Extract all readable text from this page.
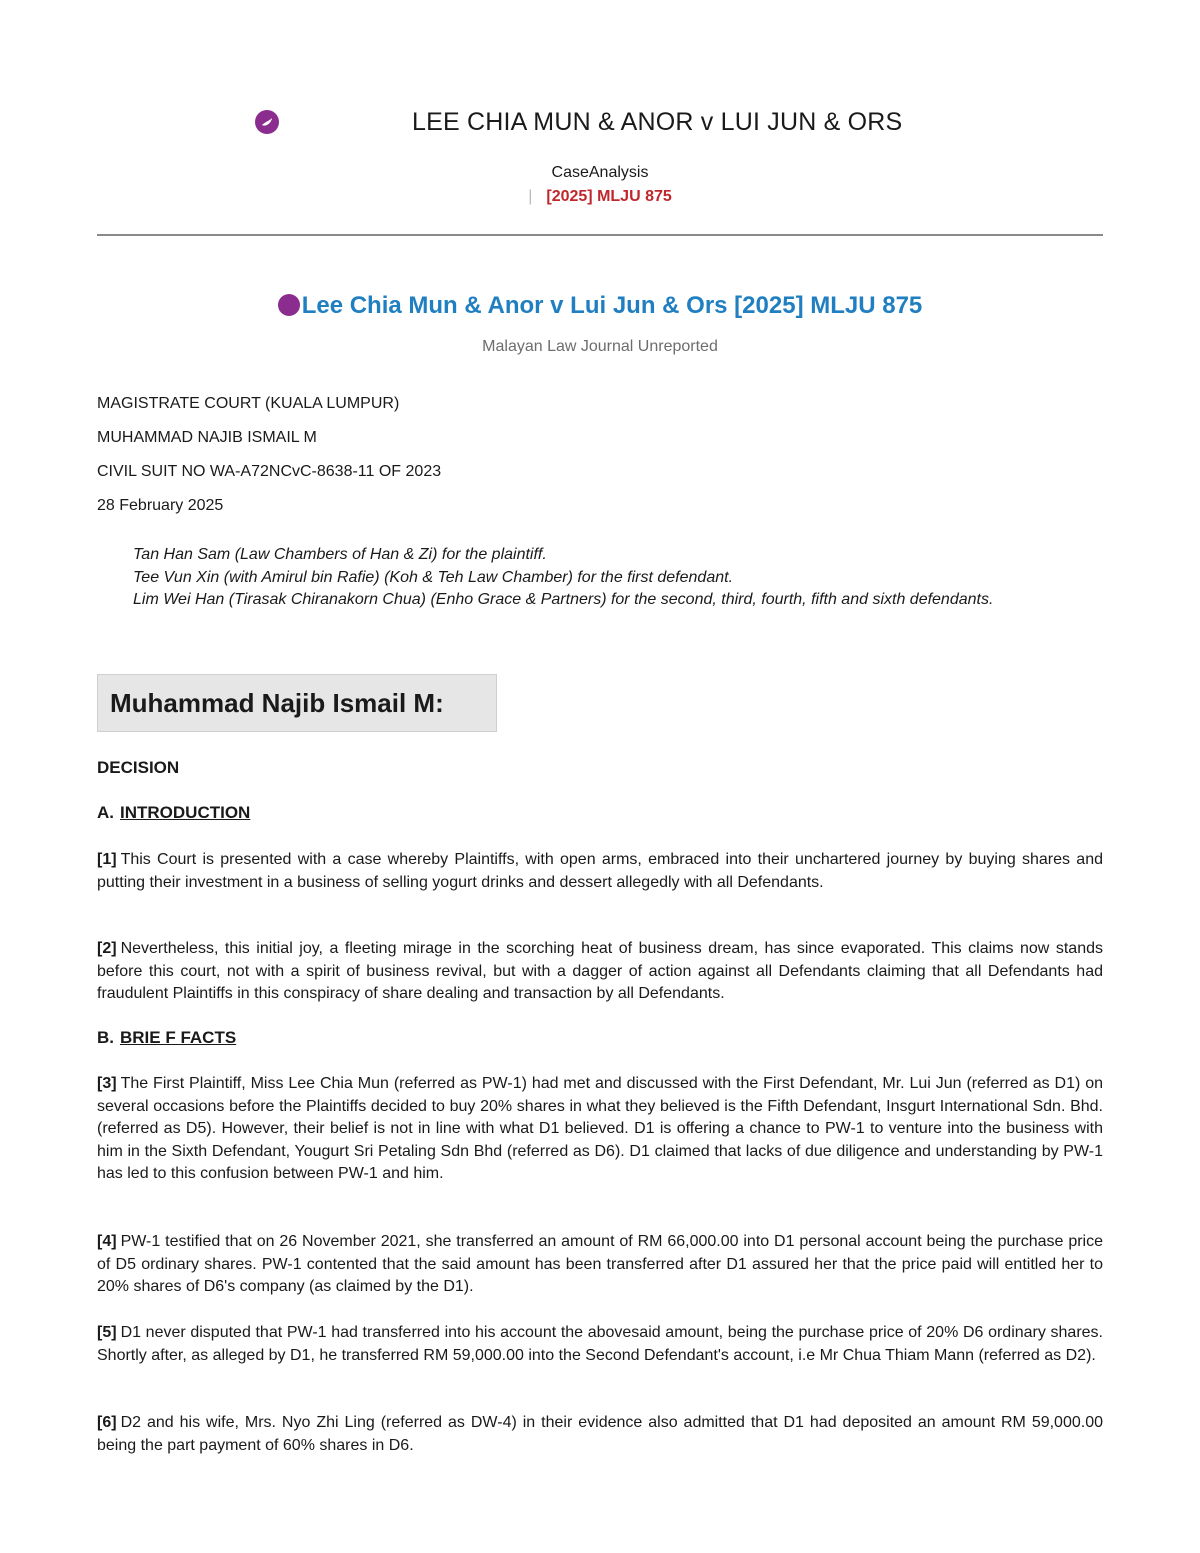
LEE CHIA MUN & ANOR v LUI JUN & ORS
CaseAnalysis
| [2025] MLJU 875
Lee Chia Mun & Anor v Lui Jun & Ors [2025] MLJU 875
Malayan Law Journal Unreported
MAGISTRATE COURT (KUALA LUMPUR)
MUHAMMAD NAJIB ISMAIL M
CIVIL SUIT NO WA-A72NCvC-8638-11 OF 2023
28 February 2025
Tan Han Sam (Law Chambers of Han & Zi) for the plaintiff.
Tee Vun Xin (with Amirul bin Rafie) (Koh & Teh Law Chamber) for the first defendant.
Lim Wei Han (Tirasak Chiranakorn Chua) (Enho Grace & Partners) for the second, third, fourth, fifth and sixth defendants.
Muhammad Najib Ismail M:
DECISION
A. INTRODUCTION
[1] This Court is presented with a case whereby Plaintiffs, with open arms, embraced into their unchartered journey by buying shares and putting their investment in a business of selling yogurt drinks and dessert allegedly with all Defendants.
[2] Nevertheless, this initial joy, a fleeting mirage in the scorching heat of business dream, has since evaporated. This claims now stands before this court, not with a spirit of business revival, but with a dagger of action against all Defendants claiming that all Defendants had fraudulent Plaintiffs in this conspiracy of share dealing and transaction by all Defendants.
B. BRIE F FACTS
[3] The First Plaintiff, Miss Lee Chia Mun (referred as PW-1) had met and discussed with the First Defendant, Mr. Lui Jun (referred as D1) on several occasions before the Plaintiffs decided to buy 20% shares in what they believed is the Fifth Defendant, Insgurt International Sdn. Bhd. (referred as D5). However, their belief is not in line with what D1 believed. D1 is offering a chance to PW-1 to venture into the business with him in the Sixth Defendant, Yougurt Sri Petaling Sdn Bhd (referred as D6). D1 claimed that lacks of due diligence and understanding by PW-1 has led to this confusion between PW-1 and him.
[4] PW-1 testified that on 26 November 2021, she transferred an amount of RM 66,000.00 into D1 personal account being the purchase price of D5 ordinary shares. PW-1 contented that the said amount has been transferred after D1 assured her that the price paid will entitled her to 20% shares of D6's company (as claimed by the D1).
[5] D1 never disputed that PW-1 had transferred into his account the abovesaid amount, being the purchase price of 20% D6 ordinary shares. Shortly after, as alleged by D1, he transferred RM 59,000.00 into the Second Defendant's account, i.e Mr Chua Thiam Mann (referred as D2).
[6] D2 and his wife, Mrs. Nyo Zhi Ling (referred as DW-4) in their evidence also admitted that D1 had deposited an amount RM 59,000.00 being the part payment of 60% shares in D6.
